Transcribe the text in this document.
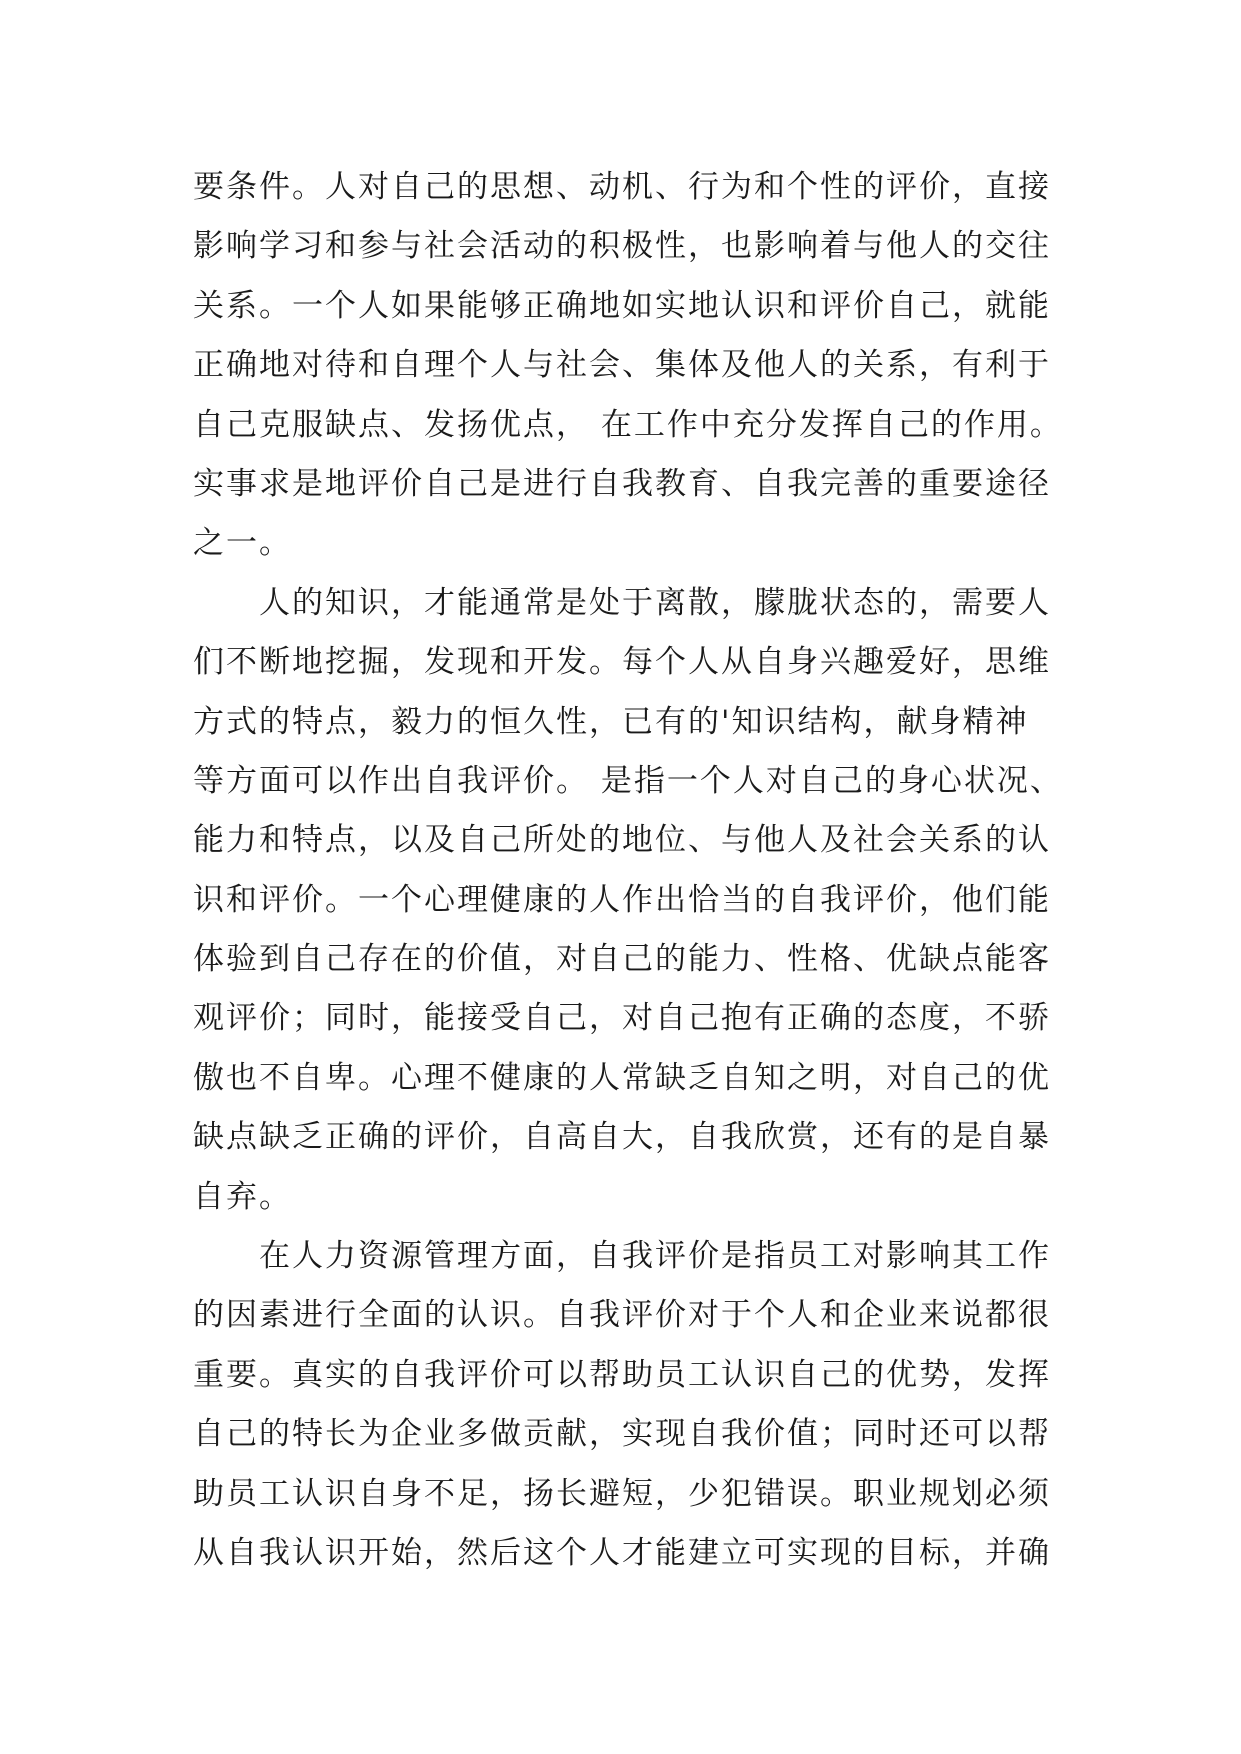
要条件。人对自己的思想、动机、行为和个性的评价，直接
影响学习和参与社会活动的积极性，也影响着与他人的交往
关系。一个人如果能够正确地如实地认识和评价自己，就能
正确地对待和自理个人与社会、集体及他人的关系，有利于
自己克服缺点、发扬优点， 在工作中充分发挥自己的作用。
实事求是地评价自己是进行自我教育、自我完善的重要途径
之一。
　　人的知识，才能通常是处于离散，朦胧状态的，需要人
们不断地挖掘，发现和开发。每个人从自身兴趣爱好，思维
方式的特点，毅力的恒久性，已有的'知识结构，献身精神
等方面可以作出自我评价。 是指一个人对自己的身心状况、
能力和特点，以及自己所处的地位、与他人及社会关系的认
识和评价。一个心理健康的人作出恰当的自我评价，他们能
体验到自己存在的价值，对自己的能力、性格、优缺点能客
观评价；同时，能接受自己，对自己抱有正确的态度，不骄
傲也不自卑。心理不健康的人常缺乏自知之明，对自己的优
缺点缺乏正确的评价，自高自大，自我欣赏，还有的是自暴
自弃。
　　在人力资源管理方面，自我评价是指员工对影响其工作
的因素进行全面的认识。自我评价对于个人和企业来说都很
重要。真实的自我评价可以帮助员工认识自己的优势，发挥
自己的特长为企业多做贡献，实现自我价值；同时还可以帮
助员工认识自身不足，扬长避短，少犯错误。职业规划必须
从自我认识开始，然后这个人才能建立可实现的目标，并确
